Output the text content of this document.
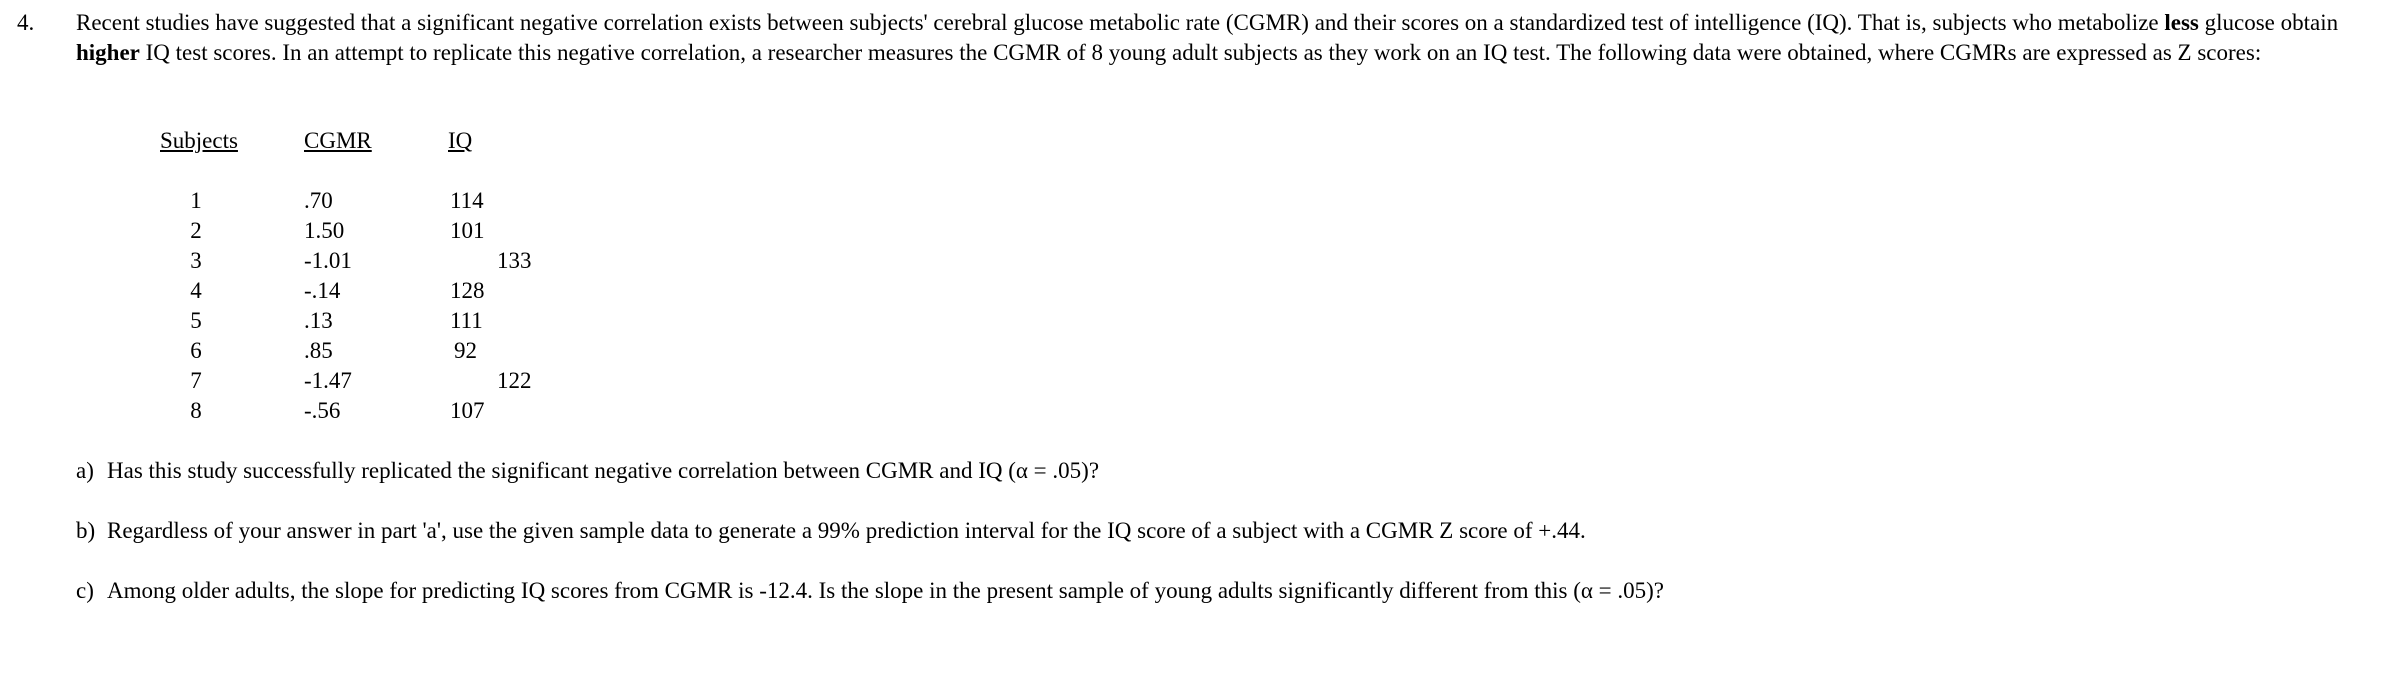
4. Recent studies have suggested that a significant negative correlation exists between subjects' cerebral glucose metabolic rate (CGMR) and their scores on a standardized test of intelligence (IQ). That is, subjects who metabolize less glucose obtain higher IQ test scores. In an attempt to replicate this negative correlation, a researcher measures the CGMR of 8 young adult subjects as they work on an IQ test. The following data were obtained, where CGMRs are expressed as Z scores:

Subjects	CGMR	IQ
1	.70	114
2	1.50	101
3	-1.01	133
4	-.14	128
5	.13	111
6	.85	92
7	-1.47	122
8	-.56	107

a) Has this study successfully replicated the significant negative correlation between CGMR and IQ (α = .05)?

b) Regardless of your answer in part 'a', use the given sample data to generate a 99% prediction interval for the IQ score of a subject with a CGMR Z score of +.44.

c) Among older adults, the slope for predicting IQ scores from CGMR is -12.4. Is the slope in the present sample of young adults significantly different from this (α = .05)?
